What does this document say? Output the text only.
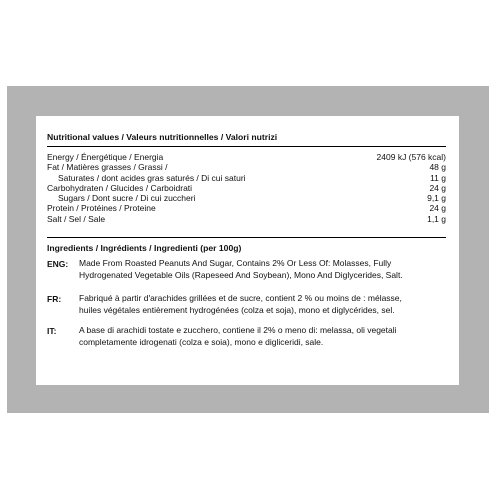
Nutritional values / Valeurs nutritionnelles / Valori nutrizi
Energy / Énergétique / Energia	2409 kJ (576 kcal)
Fat / Matières grasses / Grassi /	48 g
Saturates / dont acides gras saturés / Di cui saturi	11 g
Carbohydraten / Glucides / Carboidrati	24 g
Sugars / Dont sucre / Di cui zuccheri	9,1 g
Protein / Protéines / Proteine	24 g
Salt / Sel / Sale	1,1 g
Ingredients / Ingrédients / Ingredienti (per 100g)
ENG: Made From Roasted Peanuts And Sugar, Contains 2% Or Less Of: Molasses, Fully
Hydrogenated Vegetable Oils (Rapeseed And Soybean), Mono And Diglycerides, Salt.
FR: Fabriqué à partir d'arachides grillées et de sucre, contient 2 % ou moins de : mélasse,
huiles végétales entièrement hydrogénées (colza et soja), mono et diglycérides, sel.
IT:	A base di arachidi tostate e zucchero, contiene il 2% o meno di: melassa, oli vegetali
completamente idrogenati (colza e soia), mono e digliceridi, sale.
